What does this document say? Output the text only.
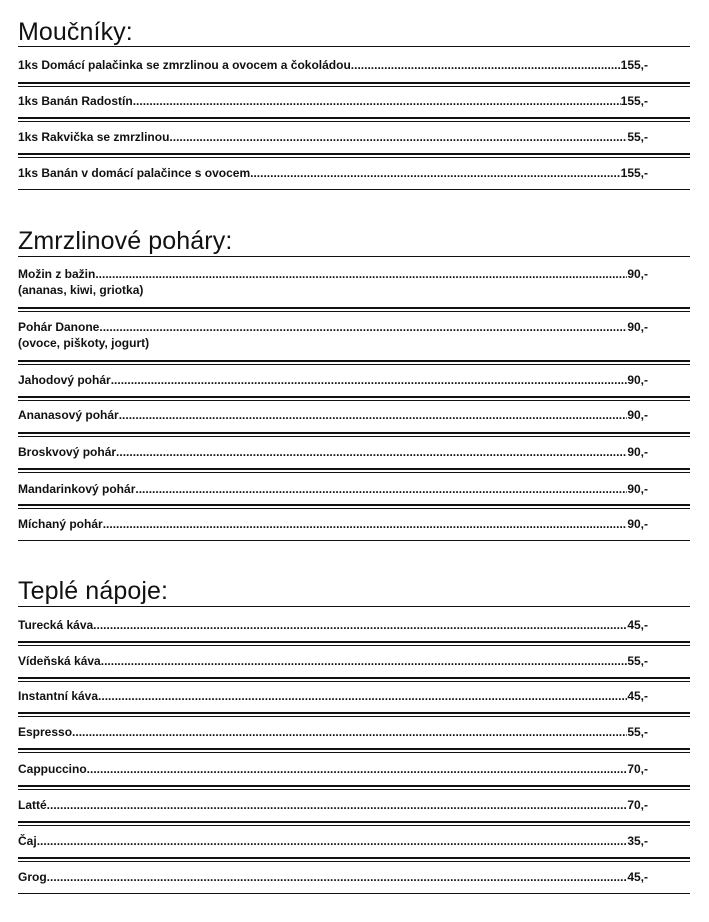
Moučníky:
1ks Domácí palačinka se zmrzlinou a ovocem a čokoládou .....	155,-
1ks Banán Radostín .....	155,-
1ks Rakvička se zmrzlinou .....	55,-
1ks Banán v domácí palačince s ovocem .....	155,-
Zmrzlinové poháry:
Možin z bažin .....	90,-
(ananas, kiwi, griotka)
Pohár Danone .....	90,-
(ovoce, piškoty, jogurt)
Jahodový pohár .....	90,-
Ananasový pohár .....	90,-
Broskvový pohár .....	90,-
Mandarinkový pohár .....	90,-
Míchaný pohár .....	90,-
Teplé nápoje:
Turecká káva .....	45,-
Vídeňská káva .....	55,-
Instantní káva .....	45,-
Espresso .....	55,-
Cappuccino .....	70,-
Latté .....	70,-
Čaj .....	35,-
Grog .....	45,-
